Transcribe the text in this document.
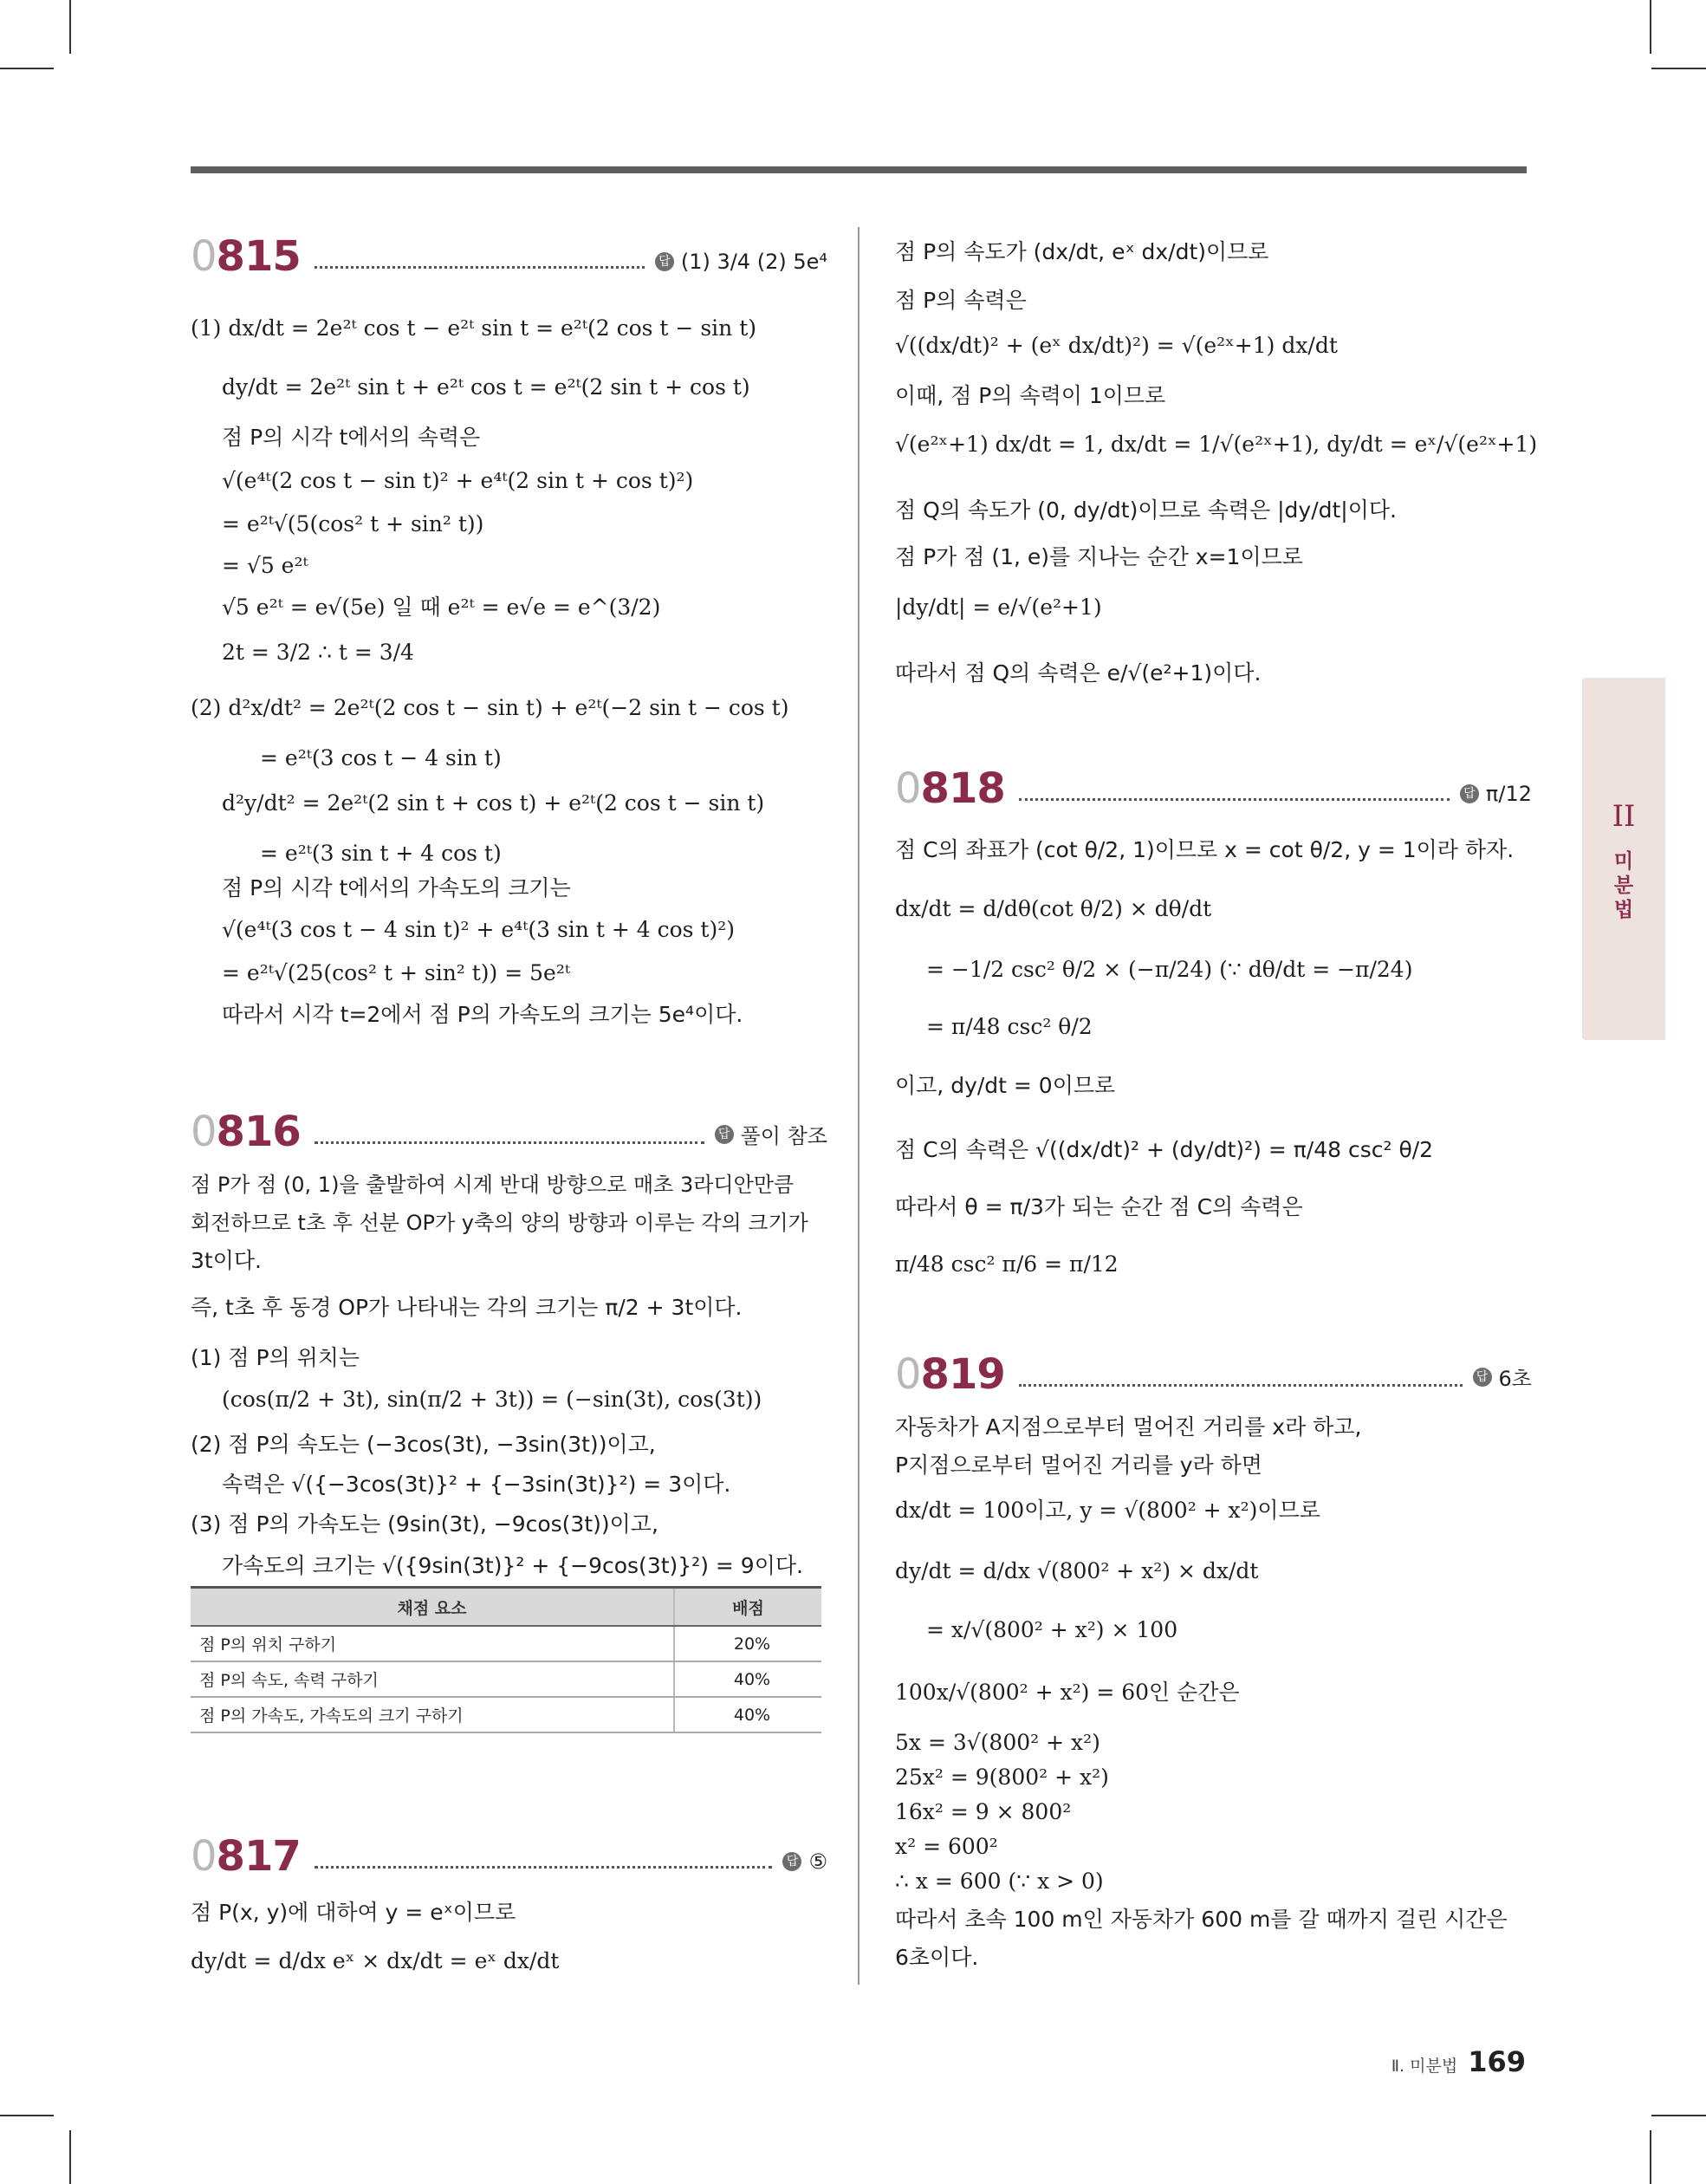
0815	답 (1) 3/4 (2) 5e⁴
(1) dx/dt = 2e²ᵗ cos t − e²ᵗ sin t = e²ᵗ(2 cos t − sin t)
dy/dt = 2e²ᵗ sin t + e²ᵗ cos t = e²ᵗ(2 sin t + cos t)
점 P의 시각 t에서의 속력은
√(e⁴ᵗ(2 cos t − sin t)² + e⁴ᵗ(2 sin t + cos t)²)
= e²ᵗ√(5(cos² t + sin² t))
= √5 e²ᵗ
√5 e²ᵗ = e√(5e) 일 때 e²ᵗ = e√e = e^(3/2)
2t = 3/2 ∴ t = 3/4
(2) d²x/dt² = 2e²ᵗ(2 cos t − sin t) + e²ᵗ(−2 sin t − cos t)
= e²ᵗ(3 cos t − 4 sin t)
d²y/dt² = 2e²ᵗ(2 sin t + cos t) + e²ᵗ(2 cos t − sin t)
= e²ᵗ(3 sin t + 4 cos t)
점 P의 시각 t에서의 가속도의 크기는
√(e⁴ᵗ(3 cos t − 4 sin t)² + e⁴ᵗ(3 sin t + 4 cos t)²)
= e²ᵗ√(25(cos² t + sin² t)) = 5e²ᵗ
따라서 시각 t=2에서 점 P의 가속도의 크기는 5e⁴이다.
0816	답 풀이 참조
점 P가 점 (0, 1)을 출발하여 시계 반대 방향으로 매초 3라디안만큼
회전하므로 t초 후 선분 OP가 y축의 양의 방향과 이루는 각의 크기가
3t이다.
즉, t초 후 동경 OP가 나타내는 각의 크기는 π/2 + 3t이다.
(1) 점 P의 위치는
(cos(π/2 + 3t), sin(π/2 + 3t)) = (−sin(3t), cos(3t))
(2) 점 P의 속도는 (−3cos(3t), −3sin(3t))이고,
속력은 √({−3cos(3t)}² + {−3sin(3t)}²) = 3이다.
(3) 점 P의 가속도는 (9sin(3t), −9cos(3t))이고,
가속도의 크기는 √({9sin(3t)}² + {−9cos(3t)}²) = 9이다.
채점 요소	배점
점 P의 위치 구하기	20%
점 P의 속도, 속력 구하기	40%
점 P의 가속도, 가속도의 크기 구하기	40%
0817	답 ⑤
점 P(x, y)에 대하여 y = eˣ이므로
dy/dt = d/dx eˣ × dx/dt = eˣ dx/dt
점 P의 속도가 (dx/dt, eˣ dx/dt)이므로
점 P의 속력은
√((dx/dt)² + (eˣ dx/dt)²) = √(e²ˣ+1) dx/dt
이때, 점 P의 속력이 1이므로
√(e²ˣ+1) dx/dt = 1, dx/dt = 1/√(e²ˣ+1), dy/dt = eˣ/√(e²ˣ+1)
점 Q의 속도가 (0, dy/dt)이므로 속력은 |dy/dt|이다.
점 P가 점 (1, e)를 지나는 순간 x=1이므로
|dy/dt| = e/√(e²+1)
따라서 점 Q의 속력은 e/√(e²+1)이다.
0818	답 π/12
점 C의 좌표가 (cot θ/2, 1)이므로 x = cot θ/2, y = 1이라 하자.
dx/dt = d/dθ(cot θ/2) × dθ/dt
= −1/2 csc² θ/2 × (−π/24) (∵ dθ/dt = −π/24)
= π/48 csc² θ/2
이고, dy/dt = 0이므로
점 C의 속력은 √((dx/dt)² + (dy/dt)²) = π/48 csc² θ/2
따라서 θ = π/3가 되는 순간 점 C의 속력은
π/48 csc² π/6 = π/12
0819	답 6초
자동차가 A지점으로부터 멀어진 거리를 x라 하고,
P지점으로부터 멀어진 거리를 y라 하면
dx/dt = 100이고, y = √(800² + x²)이므로
dy/dt = d/dx √(800² + x²) × dx/dt
= x/√(800² + x²) × 100
100x/√(800² + x²) = 60인 순간은
5x = 3√(800² + x²)
25x² = 9(800² + x²)
16x² = 9 × 800²
x² = 600²
∴ x = 600 (∵ x > 0)
따라서 초속 100 m인 자동차가 600 m를 갈 때까지 걸린 시간은
6초이다.
II
미
분
법
Ⅱ. 미분법 169
